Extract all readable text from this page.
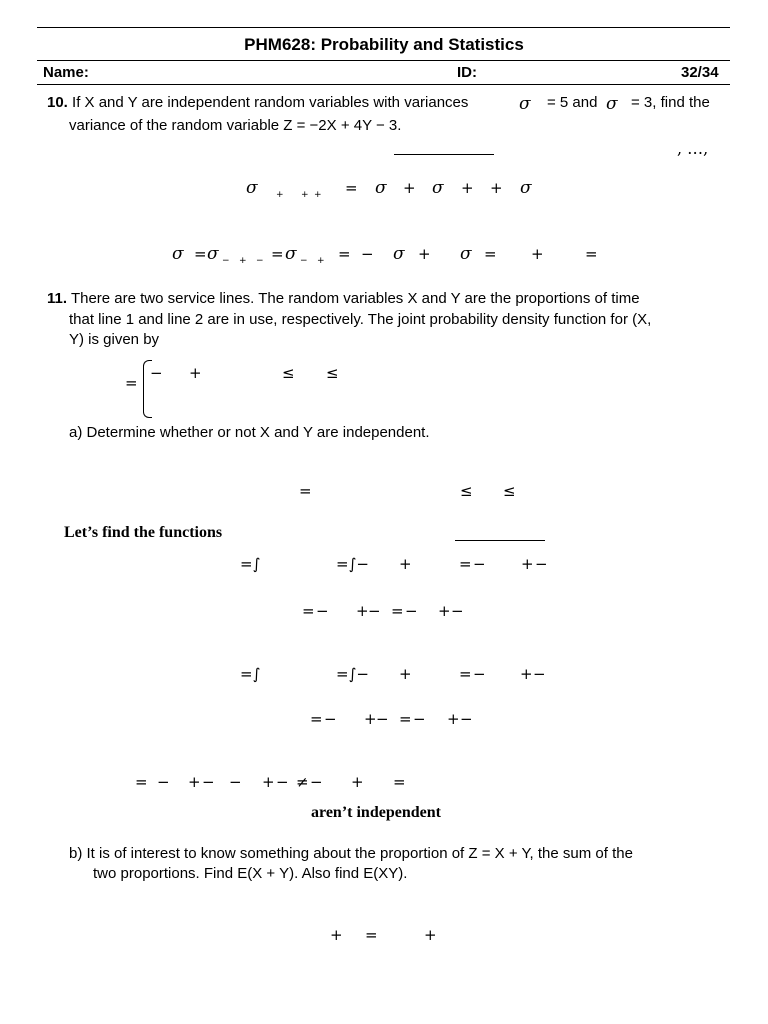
PHM628: Probability and Statistics
Name:	ID:	32/34
10. If X and Y are independent random variables with variances	σ = 5 and σ = 3, find the
variance of the random variable Z = −2X + 4Y − 3.
, …,
σ + + + = σ + σ + + σ
σ = σ − + − = σ − + = − σ + σ = +	=
11. There are two service lines. The random variables X and Y are the proportions of time
that line 1 and line 2 are in use, respectively. The joint probability density function for (X,
Y) is given by
=
− +	≤ ≤
a) Determine whether or not X and Y are independent.
=	≤ ≤
Let’s find the functions
=∫	=∫− +	= − + −
= − + − = − + −
=∫	=∫− +	= − + −
= − + − = − + −
= − + − − + − ≠ − + =
aren’t independent
b) It is of interest to know something about the proportion of Z = X + Y, the sum of the
two proportions. Find E(X + Y). Also find E(XY).
+ =	+
